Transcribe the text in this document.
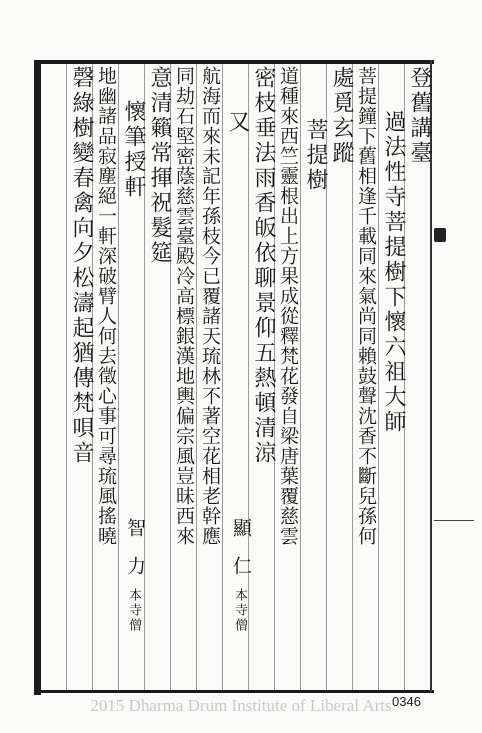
登舊講臺
過法性寺菩提樹下懷六祖大師
菩提鐘下舊相逢千載同來氣尚同賴鼓聲沈香不斷兒孫何
處覓玄蹤
菩提樹
道種來西竺靈根出上方果成從釋梵花發自梁唐葉覆慈雲
密枝垂法雨香皈依聊景仰五熱頓清涼
又
航海而來未記年孫枝今已覆諸天琉林不著空花相老幹應
同劫石堅密蔭慈雲臺殿冷高標銀漢地輿偏宗風豈昧西來
意清籟常揮祝髮筵
懷筆授軒
地幽諸品寂塵絕一軒深破臂人何去徵心事可尋琉風搖曉
磬綠樹變春禽向夕松濤起猶傳梵唄音
顯　仁
本寺僧
智　力
本寺僧
2015 Dharma Drum Institute of Liberal Arts 0346
